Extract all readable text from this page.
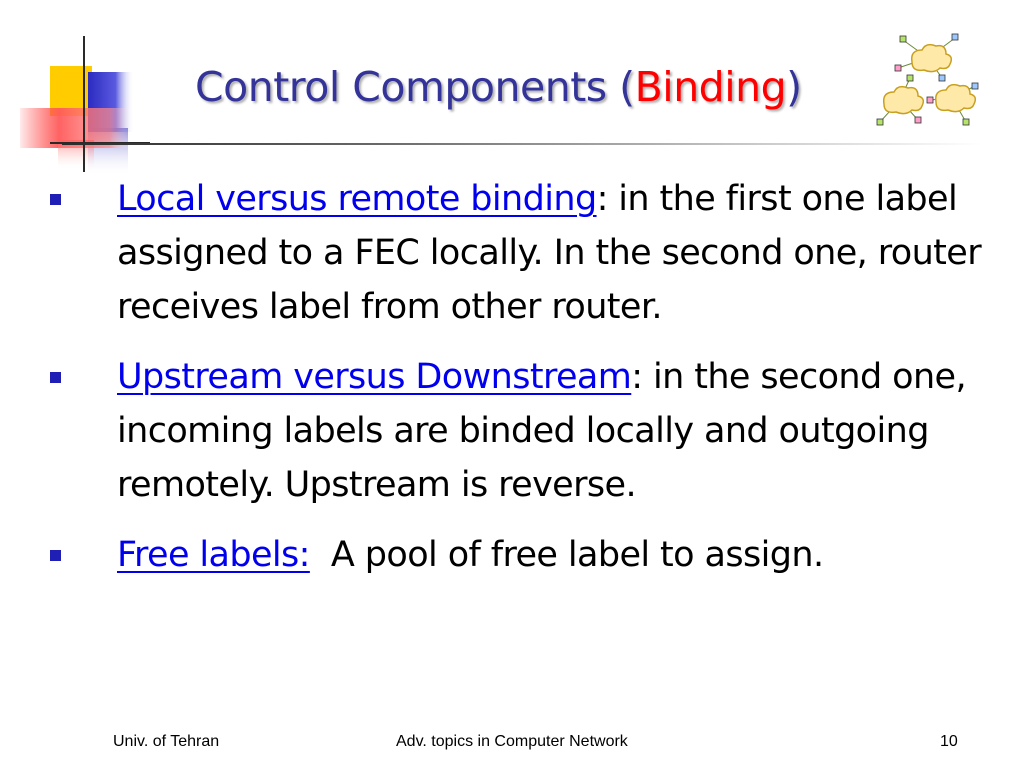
Control Components (Binding)
Local versus remote binding: in the first one label assigned to a FEC locally. In the second one, router receives label from other router.
Upstream versus Downstream: in the second one, incoming labels are binded locally and outgoing remotely. Upstream is reverse.
Free labels:  A pool of free label to assign.
Univ. of Tehran	Adv. topics in Computer Network	10
